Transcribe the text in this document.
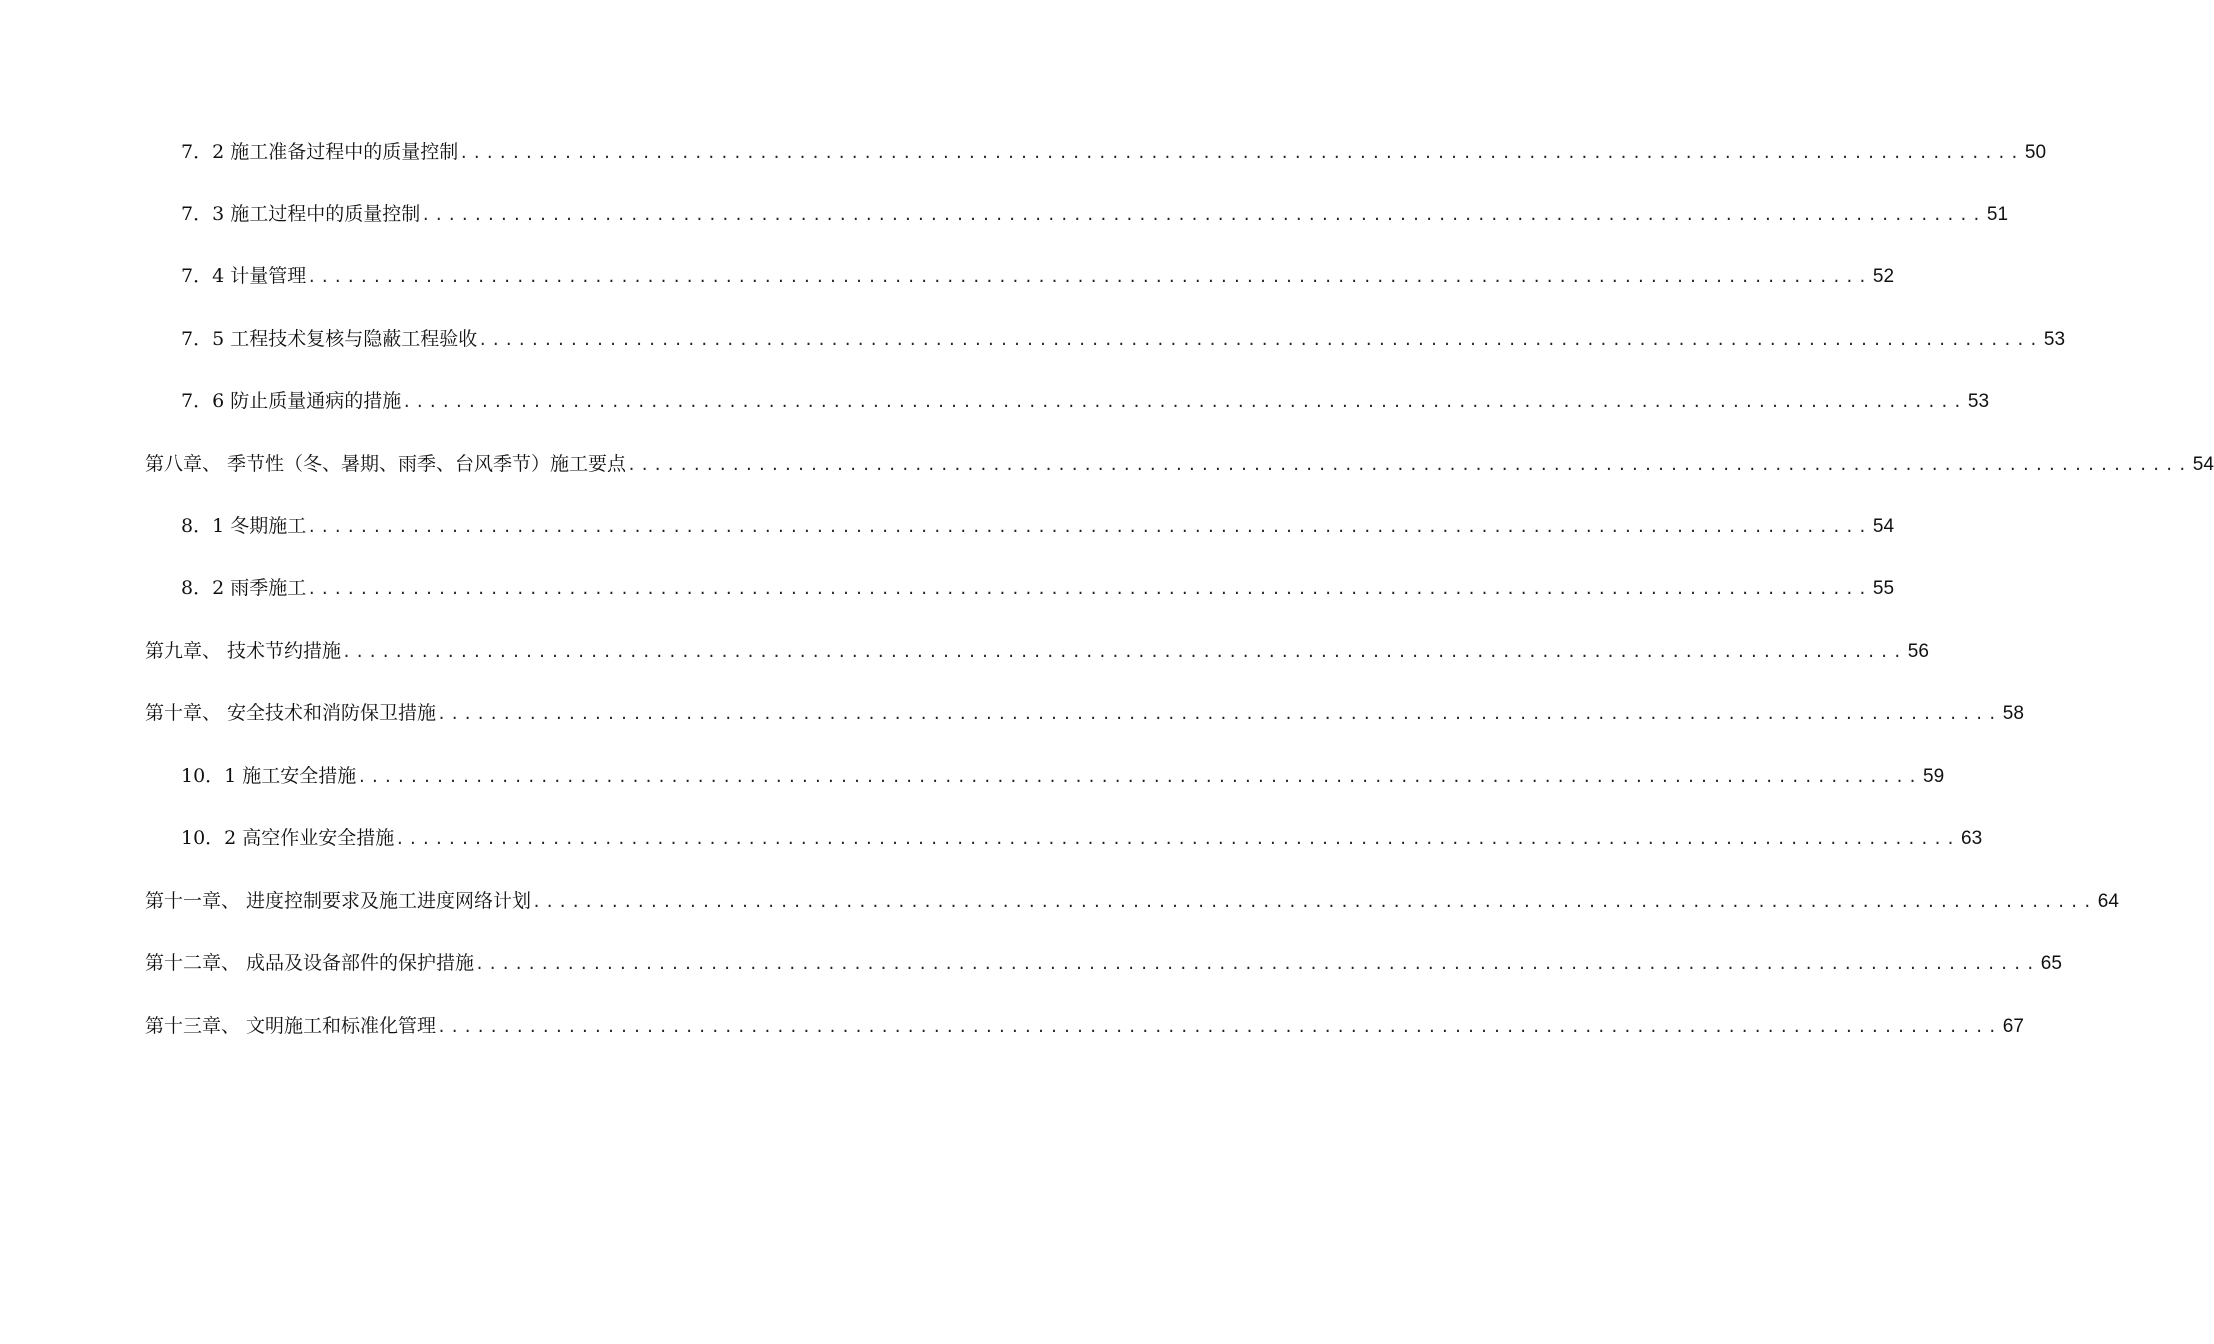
7．2 施工准备过程中的质量控制 ........................................................................................................................ 50
7．3 施工过程中的质量控制 ........................................................................................................................ 51
7．4 计量管理 ........................................................................................................................ 52
7．5 工程技术复核与隐蔽工程验收 ........................................................................................................................ 53
7．6 防止质量通病的措施 ........................................................................................................................ 53
第八章、 季节性（冬、暑期、雨季、台风季节）施工要点 ........................................................................................................................ 54
8．1 冬期施工 ........................................................................................................................ 54
8．2 雨季施工 ........................................................................................................................ 55
第九章、 技术节约措施 ........................................................................................................................ 56
第十章、 安全技术和消防保卫措施 ........................................................................................................................ 58
10．1 施工安全措施 ........................................................................................................................ 59
10．2 高空作业安全措施 ........................................................................................................................ 63
第十一章、 进度控制要求及施工进度网络计划 ........................................................................................................................ 64
第十二章、 成品及设备部件的保护措施 ........................................................................................................................ 65
第十三章、 文明施工和标准化管理 ........................................................................................................................ 67
